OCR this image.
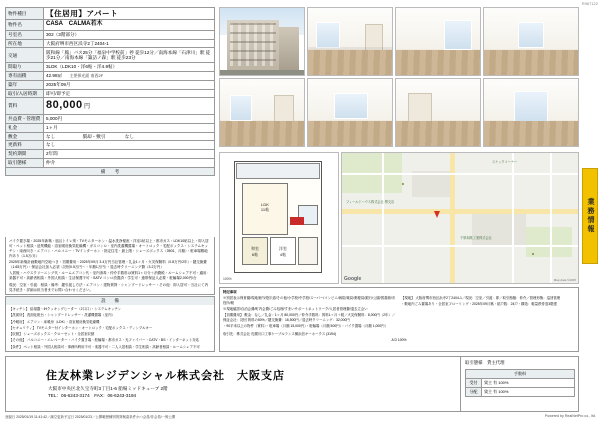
R967122
物件種目	【住居用】アパート
物件名	CASA　CALMA若木
号室名	302（3階部分）
所在地	大阪府堺市西区浜寺2丁2404-1
交通	阪和線「鳳」バス25分「福泉中学校前」停 徒歩12分／南海本線「石津川」駅 徒歩21分／南海本線「諏訪ノ森」駅 徒歩23分
間取り	3LDK（LDK10・洋6帖・洋4.9帖）
専有面積	42.98㎡ 主要採光面 南西2F
築年	2025年09月
取引/入居時期	即可/即予定
賃料	80,000 円
共益費・管理費	5,000円
礼金	1ヶ月
敷金	なし 償却・敷引 なし
更新料	なし
契約期間	2年間
取引態様	仲介
備　　考	

バイク置き場・2025年新築・風呂トイレ別・TVモニターホン・温水洗浄便座・洋室1帖以上・都市ガス・LDK10帖以上・即入居可・ペット相談・追焚機能・浴室暖房換気乾燥機・ガスコンロ・室内洗濯機置場・オートロック・宅配ボックス・システムキッチン・南西向き・エアコン・バルコニー・TVインターホン・指定住宅・最上階・シューズボックス（0501、月額）・駐車場敷地内あり（1.5万/月）

2025年新築計画敷地内空地つき・初期費用・2025年09月 3.4万円当社管理・礼金1ヶ月・火災保険料（0.8万円/2年）・鍵交換費（1.65万円）・保証会社加入必須（初回0.5万円〜・年額1万円）・退去時クリーニング費（3.2万円）

入居後・ハウスクリーニング代・ルームエアコン代・室内消毒・仲介手数料は賃料1ヶ月分＋消費税・ルームシェア不可・適用：楽器不可・高齢者相談・外国人相談・生活保護不可・SATV コンロ設置済・学生可・連帯保証人必要・駐輪場2,000円/台

現況：空室・引渡：相談・備考：鍵引渡し方法・エアコン・建物賃貸・シャンプードレッサー・その他：即入居可・当社にて内見手続き・詳細は担当者までお問い合わせください。

設　　備

【キッチン】 給湯器・IHクッキングヒーター（2口口）・システムキッチン

【洗面所】 洗面化粧台・シャンプードレッサー・洗濯機置場（室内）

【冷暖房】 エアコン・床暖房（LDK）・浴室暖房換気乾燥機

【セキュリティ】 TVモニター付インターホン・オートロック・宅配ボックス・ディンプルキー

【収納】 シューズボックス・クローゼット・全居室収納

【その他】 バルコニー・エレベーター・バイク置き場・駐輪場・都市ガス・光ファイバー・CATV・BS・インターネット対応

【条件】 ペット相談・外国人相談可・事務所利用不可・楽器不可・二人入居相談・学生相談・高齢者相談・ルームシェア不可

LDK
11帖
和室
6帖
洋室
4帖
100%
フィールドハウス株式会社 堺支店
スナックコーナー
千厚和紙工業株式会社
Google	Map data ©2025
業務情報

特記事項

※別居表示保育園/現地案内/遊歩道/その他/小学校/中学校/スーパー/コンビニ/病院/薬局/郵便局/銀行/公園/図書館/市役所/駅

※現地確認/自治会費/町内会費/ごみ処理/すまいサポートネットワーク/入居者管理費/退去立会い

【初期費用】 敷金：なし／礼金：1ヶ月 80,000円／仲介手数料：賃料1ヶ月＋税／火災保険料：8,000円（2年）／保証会社：初回 賃料の50%／鍵交換費：16,500円／退去時クリーニング：32,000円

・90平米以上の物件（賃料）・駐車場（月額 15,000円）・駐輪場（月額 500円）・バイク置場（月額 1,000円）

【現地】 大阪府堺市西区浜寺2丁2404-1／現況：空室／引渡：即／取引態様：仲介／管理形態：巡回管理

・敷地内ごみ置場あり・全居室フローリング・2025年09月築・総戸数：24戸・構造：軽量鉄骨造3階建

取引先：株式会社 札幌川口工事ケーブルランス横浜信キーホークス (3194)

A D 100%

住友林業レジデンシャル株式会社　大阪支店
大阪市中央区北久宝寺町3丁目1-6 船場ミッドキューブ 2階
TEL：06-6243-3174　FAX：06-6243-3194
取引態様　貸主代理
手数料	
受付	貸主 有 100%
分配	貸主 有 100%
登録日 2025/01/19 11:41:42／満空更新予定日 2025/01/23／公開範囲種別賃貸検索条件かつ会員/非会員/一般公開	Powered by RealNetPro co., ltd.
